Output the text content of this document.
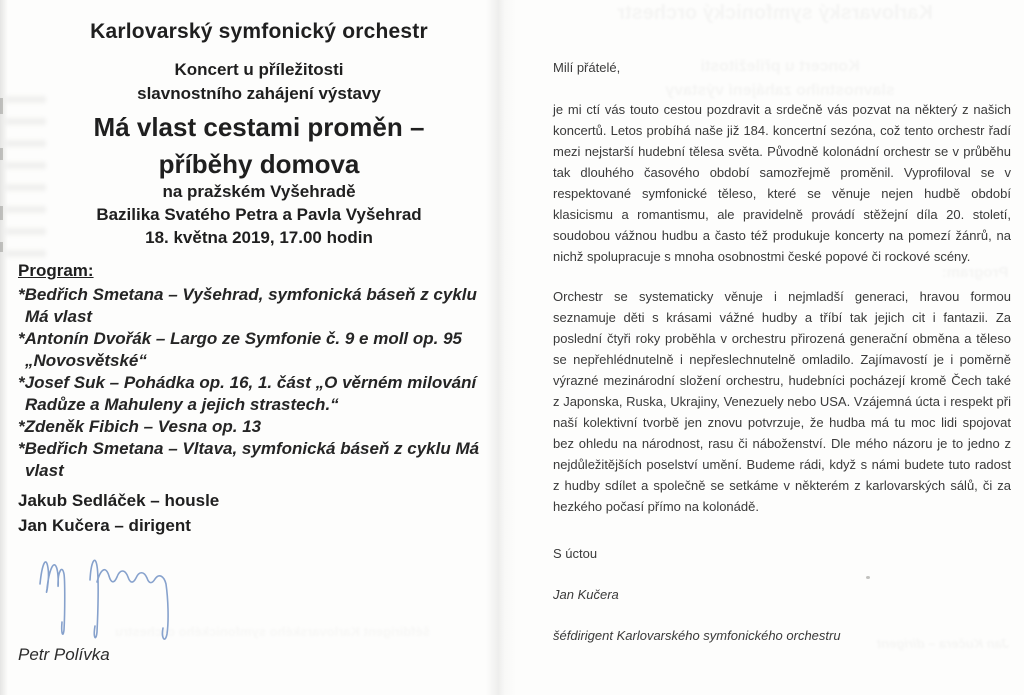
Karlovarský symfonický orchestr
Koncert u příležitosti
slavnostního zahájení výstavy
Program:
Jan Kučera – dirigent
šéfdirigent Karlovarského symfonického orchestru
Karlovarský symfonický orchestr
Koncert u příležitosti
slavnostního zahájení výstavy
Má vlast cestami proměn –
příběhy domova
na pražském Vyšehradě
Bazilika Svatého Petra a Pavla Vyšehrad
18. května 2019, 17.00 hodin
Program:
*Bedřich Smetana – Vyšehrad, symfonická báseň z cyklu Má vlast
*Antonín Dvořák – Largo ze Symfonie č. 9 e moll op. 95 „Novosvětské“
*Josef Suk – Pohádka op. 16, 1. část „O věrném milování Radůze a Mahuleny a jejich strastech.“
*Zdeněk Fibich – Vesna op. 13
*Bedřich Smetana – Vltava, symfonická báseň z cyklu Má vlast
Jakub Sedláček – housle
Jan Kučera – dirigent
Petr Polívka
Milí přátelé,
je mi ctí vás touto cestou pozdravit a srdečně vás pozvat na některý z našich koncertů. Letos probíhá naše již 184. koncertní sezóna, což tento orchestr řadí mezi nejstarší hudební tělesa světa. Původně kolonádní orchestr se v průběhu tak dlouhého časového období samozřejmě proměnil. Vyprofiloval se v respektované symfonické těleso, které se věnuje nejen hudbě období klasicismu a romantismu, ale pravidelně provádí stěžejní díla 20. století, soudobou vážnou hudbu a často též produkuje koncerty na pomezí žánrů, na nichž spolupracuje s mnoha osobnostmi české popové či rockové scény.
Orchestr se systematicky věnuje i nejmladší generaci, hravou formou seznamuje děti s krásami vážné hudby a tříbí tak jejich cit i fantazii. Za poslední čtyři roky proběhla v orchestru přirozená generační obměna a těleso se nepřehlédnutelně i nepřeslechnutelně omladilo. Zajímavostí je i poměrně výrazné mezinárodní složení orchestru, hudebníci pocházejí kromě Čech také z Japonska, Ruska, Ukrajiny, Venezuely nebo USA. Vzájemná úcta i respekt při naší kolektivní tvorbě jen znovu potvrzuje, že hudba má tu moc lidi spojovat bez ohledu na národnost, rasu či náboženství. Dle mého názoru je to jedno z nejdůležitějších poselství umění. Budeme rádi, když s námi budete tuto radost z hudby sdílet a společně se setkáme v některém z karlovarských sálů, či za hezkého počasí přímo na kolonádě.
S úctou
Jan Kučera
šéfdirigent Karlovarského symfonického orchestru
